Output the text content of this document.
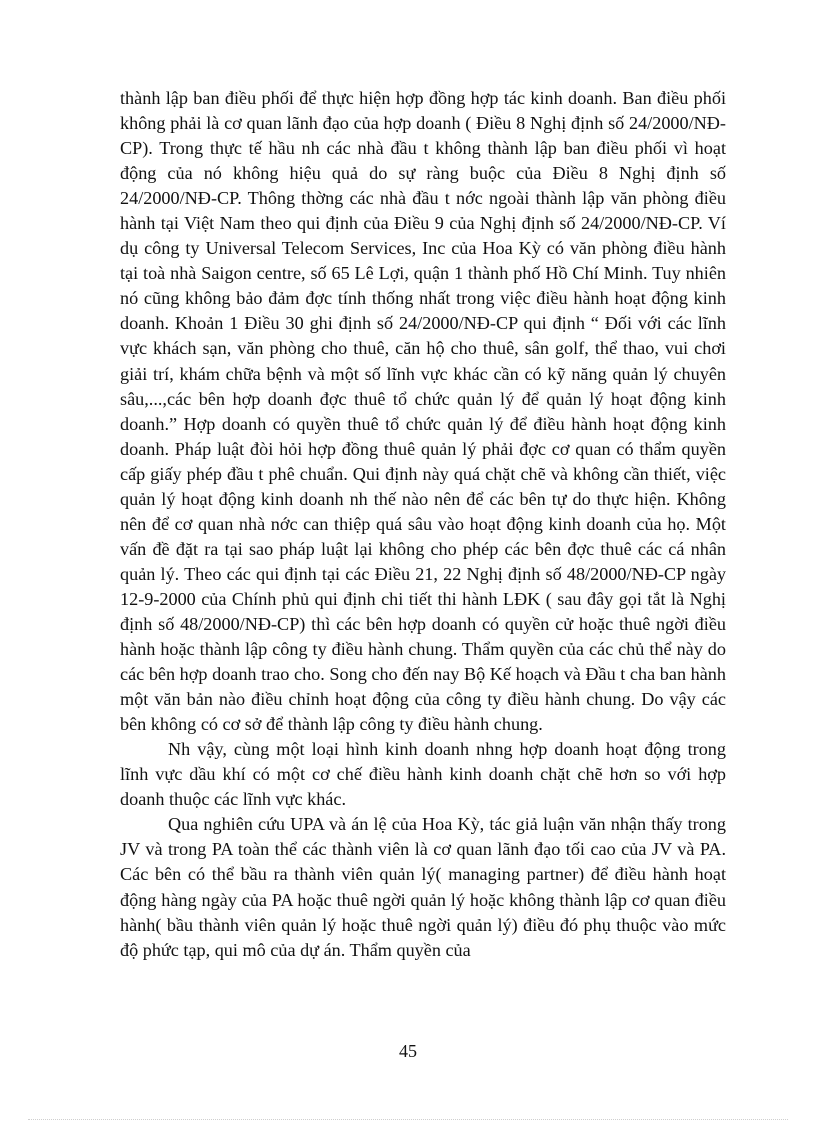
thành lập ban điều phối để thực hiện hợp đồng hợp tác kinh doanh. Ban điều phối không phải là cơ quan lãnh đạo của hợp doanh ( Điều 8 Nghị định số 24/2000/NĐ-CP). Trong thực tế hầu nh các nhà đầu t không thành lập ban điều phối vì hoạt động của nó không hiệu quả do sự ràng buộc của Điều 8 Nghị định số 24/2000/NĐ-CP. Thông thờng các nhà đầu t nớc ngoài thành lập văn phòng điều hành tại Việt Nam theo qui định của Điều 9 của Nghị định số 24/2000/NĐ-CP. Ví dụ công ty Universal Telecom Services, Inc của Hoa Kỳ có văn phòng điều hành tại toà nhà Saigon centre, số 65 Lê Lợi, quận 1 thành phố Hồ Chí Minh. Tuy nhiên nó cũng không bảo đảm đợc tính thống nhất trong việc điều hành hoạt động kinh doanh. Khoản 1 Điều 30 ghi định số 24/2000/NĐ-CP qui định “ Đối với các lĩnh vực khách sạn, văn phòng cho thuê, căn hộ cho thuê, sân golf, thể thao, vui chơi giải trí, khám chữa bệnh và một số lĩnh vực khác cần có kỹ năng quản lý chuyên sâu,...,các bên hợp doanh đợc thuê tổ chức quản lý để quản lý hoạt động kinh doanh.” Hợp doanh có quyền thuê tổ chức quản lý để điều hành hoạt động kinh doanh. Pháp luật đòi hỏi hợp đồng thuê quản lý phải đợc cơ quan có thẩm quyền cấp giấy phép đầu t phê chuẩn. Qui định này quá chặt chẽ và không cần thiết, việc quản lý hoạt động kinh doanh nh thế nào nên để các bên tự do thực hiện. Không nên để cơ quan nhà nớc can thiệp quá sâu vào hoạt động kinh doanh của họ. Một vấn đề đặt ra tại sao pháp luật lại không cho phép các bên đợc thuê các cá nhân quản lý. Theo các qui định tại các Điều 21, 22 Nghị định số 48/2000/NĐ-CP ngày 12-9-2000 của Chính phủ qui định chi tiết thi hành LĐK ( sau đây gọi tắt là Nghị định số 48/2000/NĐ-CP) thì các bên hợp doanh có quyền cử hoặc thuê ngời điều hành hoặc thành lập công ty điều hành chung. Thẩm quyền của các chủ thể này do các bên hợp doanh trao cho. Song cho đến nay Bộ Kế hoạch và Đầu t cha ban hành một văn bản nào điều chỉnh hoạt động của công ty điều hành chung. Do vậy các bên không có cơ sở để thành lập công ty điều hành chung.

Nh vậy, cùng một loại hình kinh doanh nhng hợp doanh hoạt động trong lĩnh vực dầu khí có một cơ chế điều hành kinh doanh chặt chẽ hơn so với hợp doanh thuộc các lĩnh vực khác.

Qua nghiên cứu UPA và án lệ của Hoa Kỳ, tác giả luận văn nhận thấy trong JV và trong PA toàn thể các thành viên là cơ quan lãnh đạo tối cao của JV và PA. Các bên có thể bầu ra thành viên quản lý( managing partner) để điều hành hoạt động hàng ngày của PA hoặc thuê ngời quản lý hoặc không thành lập cơ quan điều hành( bầu thành viên quản lý hoặc thuê ngời quản lý) điều đó phụ thuộc vào mức độ phức tạp, qui mô của dự án. Thẩm quyền của

45
